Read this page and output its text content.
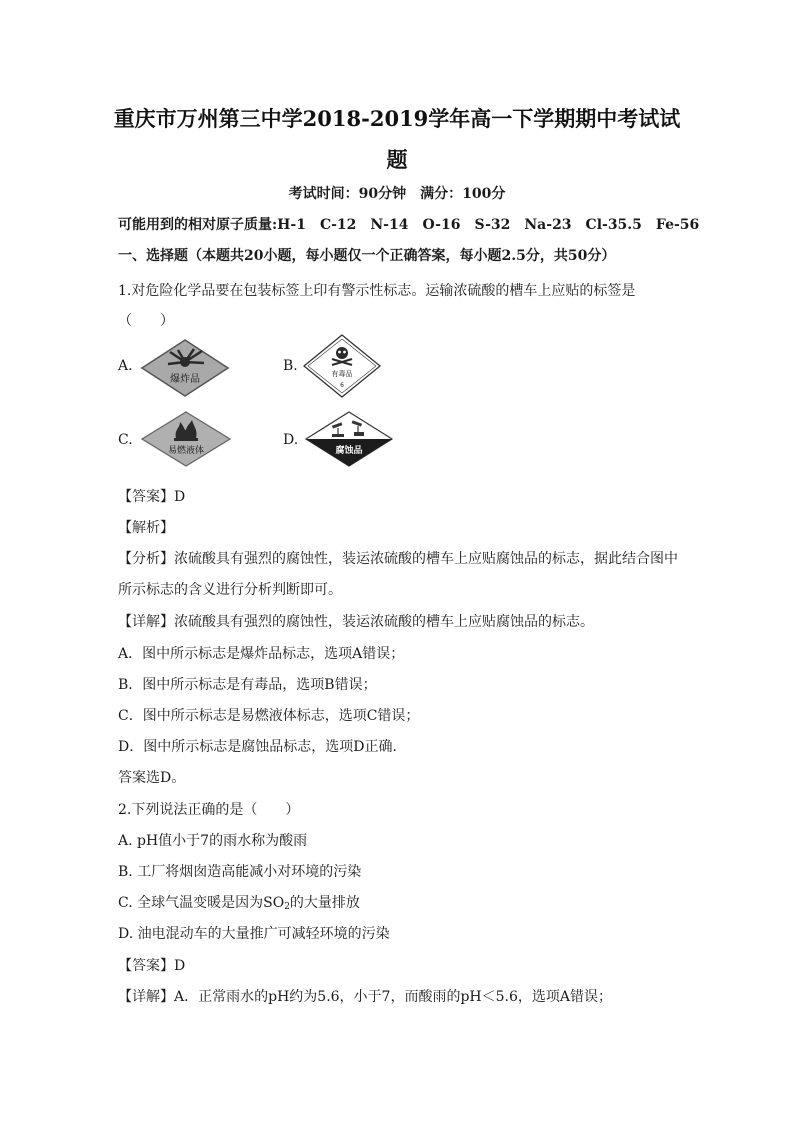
重庆市万州第三中学2018-2019学年高一下学期期中考试试
题
考试时间：90分钟　满分：100分
可能用到的相对原子质量:H-1　C-12　N-14　O-16　S-32　Na-23　Cl-35.5　Fe-56
一、选择题（本题共20小题，每小题仅一个正确答案，每小题2.5分，共50分）
1.对危险化学品要在包装标签上印有警示性标志。运输浓硫酸的槽车上应贴的标签是
（　　）
A.
爆炸品
B.	有毒品
6
C.
易燃液体
D.
腐蚀品
【答案】D
【解析】
【分析】浓硫酸具有强烈的腐蚀性，装运浓硫酸的槽车上应贴腐蚀品的标志，据此结合图中
所示标志的含义进行分析判断即可。
【详解】浓硫酸具有强烈的腐蚀性，装运浓硫酸的槽车上应贴腐蚀品的标志。
A．图中所示标志是爆炸品标志，选项A错误；
B．图中所示标志是有毒品，选项B错误；
C．图中所示标志是易燃液体标志，选项C错误；
D．图中所示标志是腐蚀品标志，选项D正确．
答案选D。
2.下列说法正确的是（　　）
A. pH值小于7的雨水称为酸雨
B. 工厂将烟囱造高能减小对环境的污染
C. 全球气温变暖是因为$SO_2$的大量排放
D. 油电混动车的大量推广可减轻环境的污染
【答案】D
【详解】A．正常雨水的pH约为5.6，小于7，而酸雨的pH＜5.6，选项A错误；
